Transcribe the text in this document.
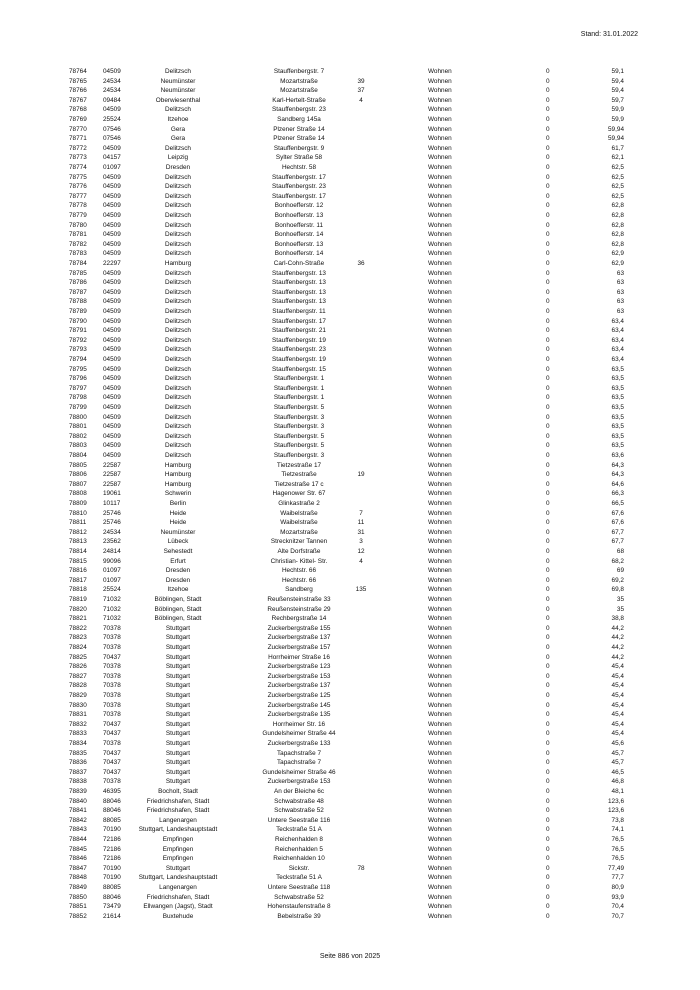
Stand: 31.01.2022
78764	04509	Delitzsch	Stauffenbergstr. 7	Wohnen	0	59,1
78765	24534	Neumünster	Mozartstraße	39	Wohnen	0	59,4
78766	24534	Neumünster	Mozartstraße	37	Wohnen	0	59,4
78767	09484	Oberwiesenthal	Karl-Hertelt-Straße	4	Wohnen	0	59,7
78768	04509	Delitzsch	Stauffenbergstr. 23	Wohnen	0	59,9
78769	25524	Itzehoe	Sandberg 145a	Wohnen	0	59,9
78770	07546	Gera	Plzener Straße 14	Wohnen	0	59,94
78771	07546	Gera	Plzener Straße 14	Wohnen	0	59,94
78772	04509	Delitzsch	Stauffenbergstr. 9	Wohnen	0	61,7
78773	04157	Leipzig	Sylter Straße 58	Wohnen	0	62,1
78774	01097	Dresden	Hechtstr. 58	Wohnen	0	62,5
78775	04509	Delitzsch	Stauffenbergstr. 17	Wohnen	0	62,5
78776	04509	Delitzsch	Stauffenbergstr. 23	Wohnen	0	62,5
78777	04509	Delitzsch	Stauffenbergstr. 17	Wohnen	0	62,5
78778	04509	Delitzsch	Bonhoefferstr. 12	Wohnen	0	62,8
78779	04509	Delitzsch	Bonhoefferstr. 13	Wohnen	0	62,8
78780	04509	Delitzsch	Bonhoefferstr. 11	Wohnen	0	62,8
78781	04509	Delitzsch	Bonhoefferstr. 14	Wohnen	0	62,8
78782	04509	Delitzsch	Bonhoefferstr. 13	Wohnen	0	62,8
78783	04509	Delitzsch	Bonhoefferstr. 14	Wohnen	0	62,9
78784	22297	Hamburg	Carl-Cohn-Straße	36	Wohnen	0	62,9
78785	04509	Delitzsch	Stauffenbergstr. 13	Wohnen	0	63
78786	04509	Delitzsch	Stauffenbergstr. 13	Wohnen	0	63
78787	04509	Delitzsch	Stauffenbergstr. 13	Wohnen	0	63
78788	04509	Delitzsch	Stauffenbergstr. 13	Wohnen	0	63
78789	04509	Delitzsch	Stauffenbergstr. 11	Wohnen	0	63
78790	04509	Delitzsch	Stauffenbergstr. 17	Wohnen	0	63,4
78791	04509	Delitzsch	Stauffenbergstr. 21	Wohnen	0	63,4
78792	04509	Delitzsch	Stauffenbergstr. 19	Wohnen	0	63,4
78793	04509	Delitzsch	Stauffenbergstr. 23	Wohnen	0	63,4
78794	04509	Delitzsch	Stauffenbergstr. 19	Wohnen	0	63,4
78795	04509	Delitzsch	Stauffenbergstr. 15	Wohnen	0	63,5
78796	04509	Delitzsch	Stauffenbergstr. 1	Wohnen	0	63,5
78797	04509	Delitzsch	Stauffenbergstr. 1	Wohnen	0	63,5
78798	04509	Delitzsch	Stauffenbergstr. 1	Wohnen	0	63,5
78799	04509	Delitzsch	Stauffenbergstr. 5	Wohnen	0	63,5
78800	04509	Delitzsch	Stauffenbergstr. 3	Wohnen	0	63,5
78801	04509	Delitzsch	Stauffenbergstr. 3	Wohnen	0	63,5
78802	04509	Delitzsch	Stauffenbergstr. 5	Wohnen	0	63,5
78803	04509	Delitzsch	Stauffenbergstr. 5	Wohnen	0	63,5
78804	04509	Delitzsch	Stauffenbergstr. 3	Wohnen	0	63,6
78805	22587	Hamburg	Tietzestraße 17	Wohnen	0	64,3
78806	22587	Hamburg	Tietzestraße	19	Wohnen	0	64,3
78807	22587	Hamburg	Tietzestraße 17 c	Wohnen	0	64,6
78808	19061	Schwerin	Hagenower Str. 67	Wohnen	0	66,3
78809	10117	Berlin	Glinkastraße 2	Wohnen	0	66,5
78810	25746	Heide	Waibelstraße	7	Wohnen	0	67,6
78811	25746	Heide	Waibelstraße	11	Wohnen	0	67,6
78812	24534	Neumünster	Mozartstraße	31	Wohnen	0	67,7
78813	23562	Lübeck	Strecknitzer Tannen	3	Wohnen	0	67,7
78814	24814	Sehestedt	Alte Dorfstraße	12	Wohnen	0	68
78815	99096	Erfurt	Christian- Kittel- Str.	4	Wohnen	0	68,2
78816	01097	Dresden	Hechtstr. 66	Wohnen	0	69
78817	01097	Dresden	Hechtstr. 66	Wohnen	0	69,2
78818	25524	Itzehoe	Sandberg	135	Wohnen	0	69,8
78819	71032	Böblingen, Stadt	Reußensteinstraße 33	Wohnen	0	35
78820	71032	Böblingen, Stadt	Reußensteinstraße 29	Wohnen	0	35
78821	71032	Böblingen, Stadt	Rechbergstraße 14	Wohnen	0	38,8
78822	70378	Stuttgart	Zuckerbergstraße 155	Wohnen	0	44,2
78823	70378	Stuttgart	Zuckerbergstraße 137	Wohnen	0	44,2
78824	70378	Stuttgart	Zuckerbergstraße 157	Wohnen	0	44,2
78825	70437	Stuttgart	Horrheimer Straße 16	Wohnen	0	44,2
78826	70378	Stuttgart	Zuckerbergstraße 123	Wohnen	0	45,4
78827	70378	Stuttgart	Zuckerbergstraße 153	Wohnen	0	45,4
78828	70378	Stuttgart	Zuckerbergstraße 137	Wohnen	0	45,4
78829	70378	Stuttgart	Zuckerbergstraße 125	Wohnen	0	45,4
78830	70378	Stuttgart	Zuckerbergstraße 145	Wohnen	0	45,4
78831	70378	Stuttgart	Zuckerbergstraße 135	Wohnen	0	45,4
78832	70437	Stuttgart	Horrheimer Str. 16	Wohnen	0	45,4
78833	70437	Stuttgart	Gundelsheimer Straße 44	Wohnen	0	45,4
78834	70378	Stuttgart	Zuckerbergstraße 133	Wohnen	0	45,6
78835	70437	Stuttgart	Tapachstraße 7	Wohnen	0	45,7
78836	70437	Stuttgart	Tapachstraße 7	Wohnen	0	45,7
78837	70437	Stuttgart	Gundelsheimer Straße 46	Wohnen	0	46,5
78838	70378	Stuttgart	Zuckerbergstraße 153	Wohnen	0	46,8
78839	46395	Bocholt, Stadt	An der Bleiche 6c	Wohnen	0	48,1
78840	88046	Friedrichshafen, Stadt	Schwabstraße 48	Wohnen	0	123,6
78841	88046	Friedrichshafen, Stadt	Schwabstraße 52	Wohnen	0	123,6
78842	88085	Langenargen	Untere Seestraße 116	Wohnen	0	73,8
78843	70190	Stuttgart, Landeshauptstadt	Teckstraße 51 A	Wohnen	0	74,1
78844	72186	Empfingen	Reichenhalden 8	Wohnen	0	76,5
78845	72186	Empfingen	Reichenhalden 5	Wohnen	0	76,5
78846	72186	Empfingen	Reichenhalden 10	Wohnen	0	76,5
78847	70190	Stuttgart	Sickstr.	78	Wohnen	0	77,49
78848	70190	Stuttgart, Landeshauptstadt	Teckstraße 51 A	Wohnen	0	77,7
78849	88085	Langenargen	Untere Seestraße 118	Wohnen	0	80,9
78850	88046	Friedrichshafen, Stadt	Schwabstraße 52	Wohnen	0	93,9
78851	73479	Ellwangen (Jagst), Stadt	Hohenstaufenstraße 8	Wohnen	0	70,4
78852	21614	Buxtehude	Bebelstraße 39	Wohnen	0	70,7
Seite 886 von 2025
